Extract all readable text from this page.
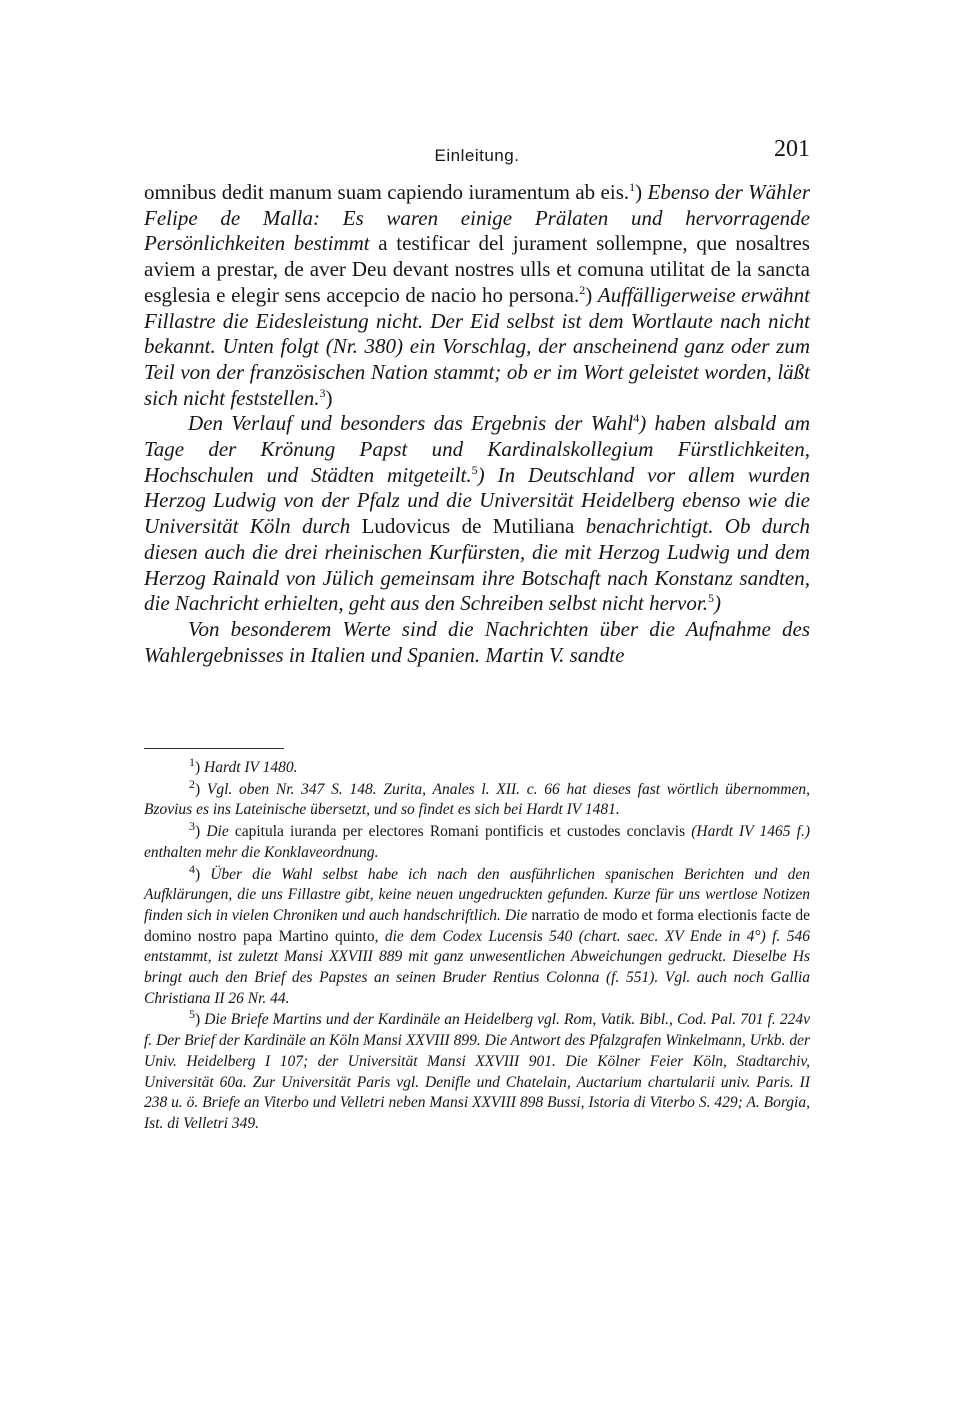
Einleitung.	201

omnibus dedit manum suam capiendo iuramentum ab eis.$^1$) Ebenso der Wähler Felipe de Malla: Es waren einige Prälaten und hervorragende Persönlichkeiten bestimmt a testificar del jurament sollempne, que nosaltres aviem a prestar, de aver Deu devant nostres ulls et comuna utilitat de la sancta esglesia e elegir sens accepcio de nacio ho persona.$^2$) Auffälligerweise erwähnt Fillastre die Eidesleistung nicht. Der Eid selbst ist dem Wortlaute nach nicht bekannt. Unten folgt (Nr. 380) ein Vorschlag, der anscheinend ganz oder zum Teil von der französischen Nation stammt; ob er im Wort geleistet worden, läßt sich nicht feststellen.$^3$)

Den Verlauf und besonders das Ergebnis der Wahl$^4$) haben alsbald am Tage der Krönung Papst und Kardinalskollegium Fürstlichkeiten, Hochschulen und Städten mitgeteilt.$^5$) In Deutschland vor allem wurden Herzog Ludwig von der Pfalz und die Universität Heidelberg ebenso wie die Universität Köln durch Ludovicus de Mutiliana benachrichtigt. Ob durch diesen auch die drei rheinischen Kurfürsten, die mit Herzog Ludwig und dem Herzog Rainald von Jülich gemeinsam ihre Botschaft nach Konstanz sandten, die Nachricht erhielten, geht aus den Schreiben selbst nicht hervor.$^5$)

Von besonderem Werte sind die Nachrichten über die Aufnahme des Wahlergebnisses in Italien und Spanien. Martin V. sandte

$^1$) Hardt IV 1480.

$^2$) Vgl. oben Nr. 347 S. 148. Zurita, Anales l. XII. c. 66 hat dieses fast wörtlich übernommen, Bzovius es ins Lateinische übersetzt, und so findet es sich bei Hardt IV 1481.

$^3$) Die capitula iuranda per electores Romani pontificis et custodes conclavis (Hardt IV 1465 f.) enthalten mehr die Konklaveordnung.

$^4$) Über die Wahl selbst habe ich nach den ausführlichen spanischen Berichten und den Aufklärungen, die uns Fillastre gibt, keine neuen ungedruckten gefunden. Kurze für uns wertlose Notizen finden sich in vielen Chroniken und auch handschriftlich. Die narratio de modo et forma electionis facte de domino nostro papa Martino quinto, die dem Codex Lucensis 540 (chart. saec. XV Ende in 4°) f. 546 entstammt, ist zuletzt Mansi XXVIII 889 mit ganz unwesentlichen Abweichungen gedruckt. Dieselbe Hs bringt auch den Brief des Papstes an seinen Bruder Rentius Colonna (f. 551). Vgl. auch noch Gallia Christiana II 26 Nr. 44.

$^5$) Die Briefe Martins und der Kardinäle an Heidelberg vgl. Rom, Vatik. Bibl., Cod. Pal. 701 f. 224v f. Der Brief der Kardinäle an Köln Mansi XXVIII 899. Die Antwort des Pfalzgrafen Winkelmann, Urkb. der Univ. Heidelberg I 107; der Universität Mansi XXVIII 901. Die Kölner Feier Köln, Stadtarchiv, Universität 60a. Zur Universität Paris vgl. Denifle und Chatelain, Auctarium chartularii univ. Paris. II 238 u. ö. Briefe an Viterbo und Velletri neben Mansi XXVIII 898 Bussi, Istoria di Viterbo S. 429; A. Borgia, Ist. di Velletri 349.
